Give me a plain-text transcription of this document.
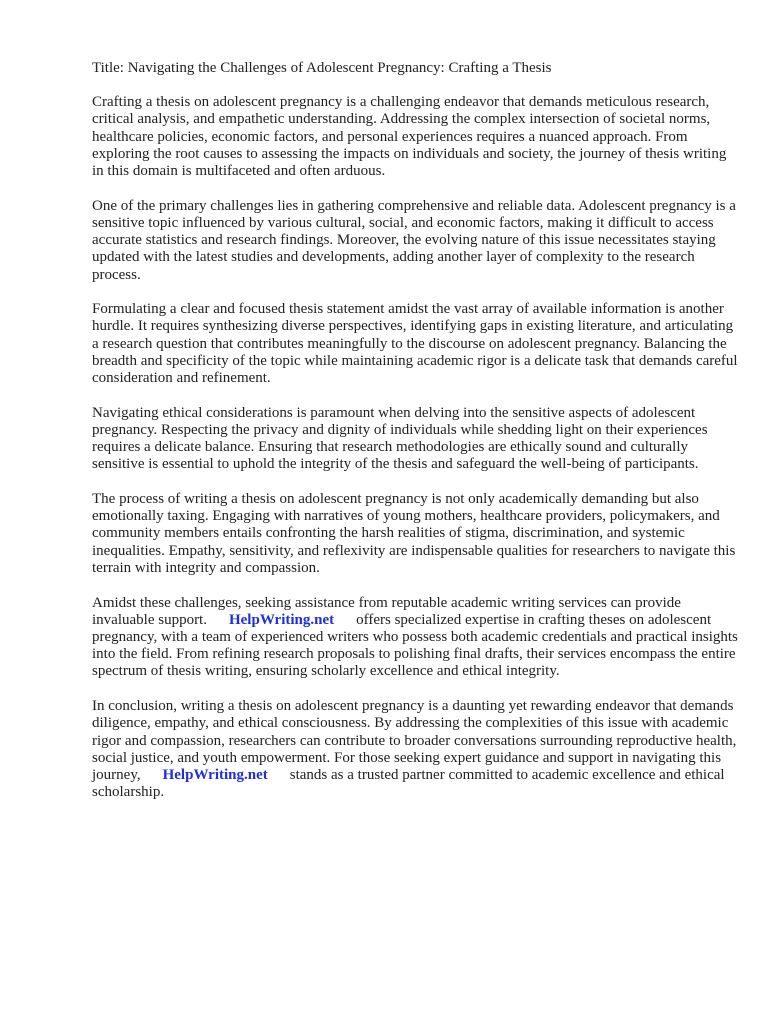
Title: Navigating the Challenges of Adolescent Pregnancy: Crafting a Thesis

Crafting a thesis on adolescent pregnancy is a challenging endeavor that demands meticulous research, critical analysis, and empathetic understanding. Addressing the complex intersection of societal norms, healthcare policies, economic factors, and personal experiences requires a nuanced approach. From exploring the root causes to assessing the impacts on individuals and society, the journey of thesis writing in this domain is multifaceted and often arduous.

One of the primary challenges lies in gathering comprehensive and reliable data. Adolescent pregnancy is a sensitive topic influenced by various cultural, social, and economic factors, making it difficult to access accurate statistics and research findings. Moreover, the evolving nature of this issue necessitates staying updated with the latest studies and developments, adding another layer of complexity to the research process.

Formulating a clear and focused thesis statement amidst the vast array of available information is another hurdle. It requires synthesizing diverse perspectives, identifying gaps in existing literature, and articulating a research question that contributes meaningfully to the discourse on adolescent pregnancy. Balancing the breadth and specificity of the topic while maintaining academic rigor is a delicate task that demands careful consideration and refinement.

Navigating ethical considerations is paramount when delving into the sensitive aspects of adolescent pregnancy. Respecting the privacy and dignity of individuals while shedding light on their experiences requires a delicate balance. Ensuring that research methodologies are ethically sound and culturally sensitive is essential to uphold the integrity of the thesis and safeguard the well-being of participants.

The process of writing a thesis on adolescent pregnancy is not only academically demanding but also emotionally taxing. Engaging with narratives of young mothers, healthcare providers, policymakers, and community members entails confronting the harsh realities of stigma, discrimination, and systemic inequalities. Empathy, sensitivity, and reflexivity are indispensable qualities for researchers to navigate this terrain with integrity and compassion.

Amidst these challenges, seeking assistance from reputable academic writing services can provide invaluable support. HelpWriting.net offers specialized expertise in crafting theses on adolescent pregnancy, with a team of experienced writers who possess both academic credentials and practical insights into the field. From refining research proposals to polishing final drafts, their services encompass the entire spectrum of thesis writing, ensuring scholarly excellence and ethical integrity.

In conclusion, writing a thesis on adolescent pregnancy is a daunting yet rewarding endeavor that demands diligence, empathy, and ethical consciousness. By addressing the complexities of this issue with academic rigor and compassion, researchers can contribute to broader conversations surrounding reproductive health, social justice, and youth empowerment. For those seeking expert guidance and support in navigating this journey, HelpWriting.net stands as a trusted partner committed to academic excellence and ethical scholarship.
